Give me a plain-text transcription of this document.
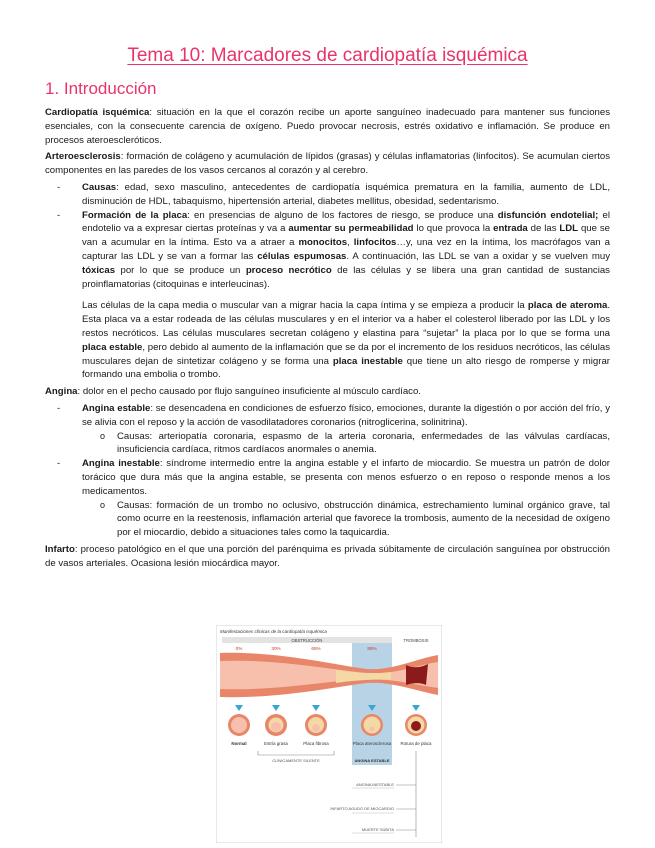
Tema 10: Marcadores de cardiopatía isquémica
1. Introducción

Cardiopatía isquémica: situación en la que el corazón recibe un aporte sanguíneo inadecuado para mantener sus funciones esenciales, con la consecuente carencia de oxígeno. Puedo provocar necrosis, estrés oxidativo e inflamación. Se produce en procesos ateroescleróticos.

Arteroesclerosis: formación de colágeno y acumulación de lípidos (grasas) y células inflamatorias (linfocitos). Se acumulan ciertos componentes en las paredes de los vasos cercanos al corazón y al cerebro.

- Causas: edad, sexo masculino, antecedentes de cardiopatía isquémica prematura en la familia, aumento de LDL, disminución de HDL, tabaquismo, hipertensión arterial, diabetes mellitus, obesidad, sedentarismo.
- Formación de la placa: en presencias de alguno de los factores de riesgo, se produce una disfunción endotelial; el endotelio va a expresar ciertas proteínas y va a aumentar su permeabilidad lo que provoca la entrada de las LDL que se van a acumular en la íntima. Esto va a atraer a monocitos, linfocitos…y, una vez en la íntima, los macrófagos van a capturar las LDL y se van a formar las células espumosas. A continuación, las LDL se van a oxidar y se vuelven muy tóxicas por lo que se produce un proceso necrótico de las células y se libera una gran cantidad de sustancias proinflamatorias (citoquinas e interleucinas).

Las células de la capa media o muscular van a migrar hacia la capa íntima y se empieza a producir la placa de ateroma. Esta placa va a estar rodeada de las células musculares y en el interior va a haber el colesterol liberado por las LDL y los restos necróticos. Las células musculares secretan colágeno y elastina para “sujetar” la placa por lo que se forma una placa estable, pero debido al aumento de la inflamación que se da por el incremento de los residuos necróticos, las células musculares dejan de sintetizar colágeno y se forma una placa inestable que tiene un alto riesgo de romperse y migrar formando una embolia o trombo.

Angina: dolor en el pecho causado por flujo sanguíneo insuficiente al músculo cardíaco.

- Angina estable: se desencadena en condiciones de esfuerzo físico, emociones, durante la digestión o por acción del frío, y se alivia con el reposo y la acción de vasodilatadores coronarios (nitroglicerina, solinitrina).
o Causas: arteriopatía coronaria, espasmo de la arteria coronaria, enfermedades de las válvulas cardíacas, insuficiencia cardíaca, ritmos cardíacos anormales o anemia.
- Angina inestable: síndrome intermedio entre la angina estable y el infarto de miocardio. Se muestra un patrón de dolor torácico que dura más que la angina estable, se presenta con menos esfuerzo o en reposo o responde menos a los medicamentos.
o Causas: formación de un trombo no oclusivo, obstrucción dinámica, estrechamiento luminal orgánico grave, tal como ocurre en la reestenosis, inflamación arterial que favorece la trombosis, aumento de la necesidad de oxígeno por el miocardio, debido a situaciones tales como la taquicardia.

Infarto: proceso patológico en el que una porción del parénquima es privada súbitamente de circulación sanguínea por obstrucción de vasos arteriales. Ocasiona lesión miocárdica mayor.

Manifestaciones clínicas de la cardiopatía isquémica
OBSTRUCCIÓN	TROMBOSIS
0%	30%	65%	85%
Normal	Estría grasa	Placa fibrosa	Placa aterosclerosa Rotura de placa
CLÍNICAMENTE SILENTE	ANGINA ESTABLE
ANGINA INESTABLE
INFARTO AGUDO DE MIOCARDIO
MUERTE SÚBITA
